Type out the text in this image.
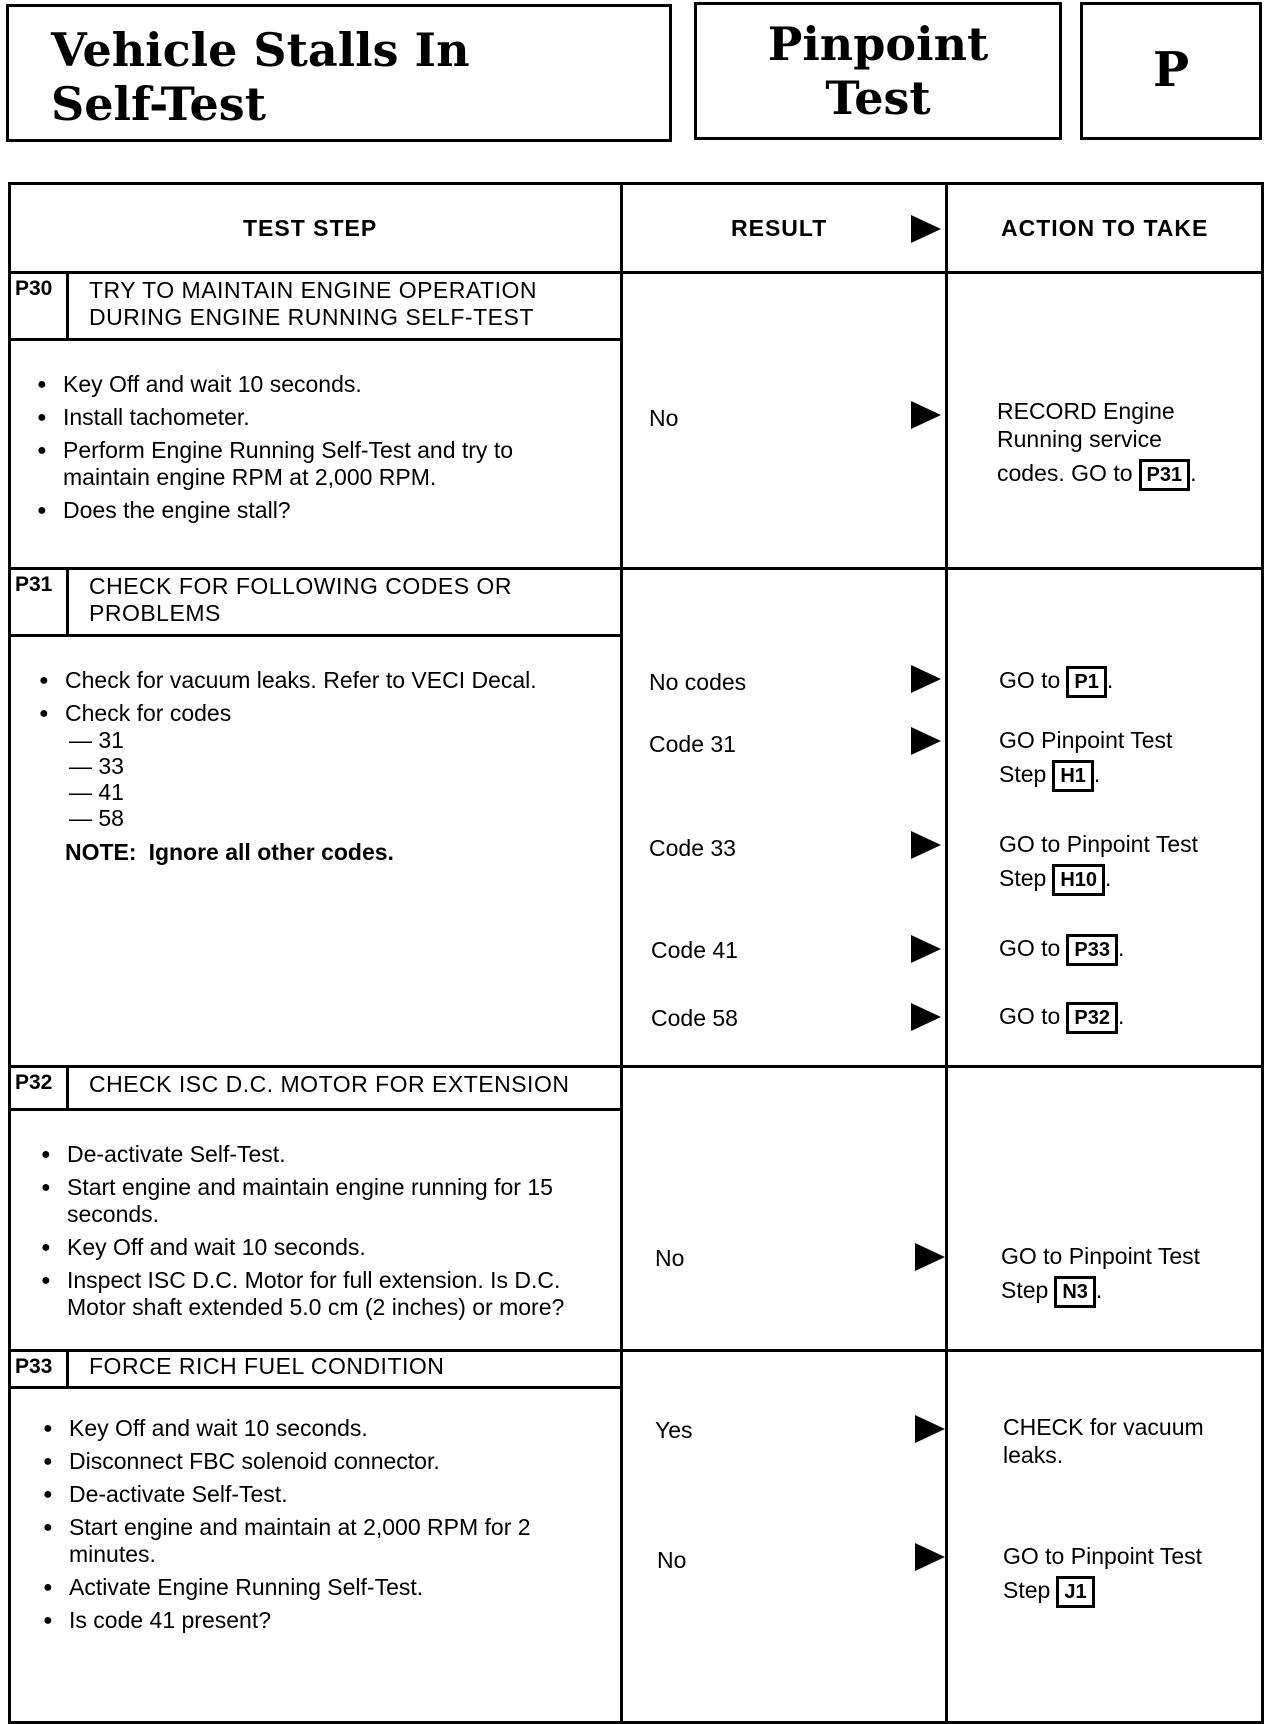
Vehicle Stalls In
Self-Test
Pinpoint
Test	P
TEST STEP	RESULT	ACTION TO TAKE
P30	TRY TO MAINTAIN ENGINE OPERATION
DURING ENGINE RUNNING SELF-TEST
● Key Off and wait 10 seconds.
● Install tachometer.
● Perform Engine Running Self-Test and try to maintain engine RPM at 2,000 RPM.
● Does the engine stall?
No	RECORD Engine
Running service
codes. GO to P31 .
P31	CHECK FOR FOLLOWING CODES OR
PROBLEMS
● Check for vacuum leaks. Refer to VECI Decal.
● Check for codes
— 31
— 33
— 41
— 58
NOTE: Ignore all other codes.
No codes	GO to P1 .
Code 31	GO Pinpoint Test
Step H1 .
Code 33	GO to Pinpoint Test
Step H10 .
Code 41	GO to P33 .
Code 58	GO to P32 .
P32	CHECK ISC D.C. MOTOR FOR EXTENSION
● De-activate Self-Test.
● Start engine and maintain engine running for 15 seconds.
● Key Off and wait 10 seconds.
● Inspect ISC D.C. Motor for full extension. Is D.C. Motor shaft extended 5.0 cm (2 inches) or more?
No	GO to Pinpoint Test
Step N3 .
P33	FORCE RICH FUEL CONDITION
● Key Off and wait 10 seconds.
● Disconnect FBC solenoid connector.
● De-activate Self-Test.
● Start engine and maintain at 2,000 RPM for 2 minutes.
● Activate Engine Running Self-Test.
● Is code 41 present?
Yes	CHECK for vacuum
leaks.
No	GO to Pinpoint Test
Step J1
